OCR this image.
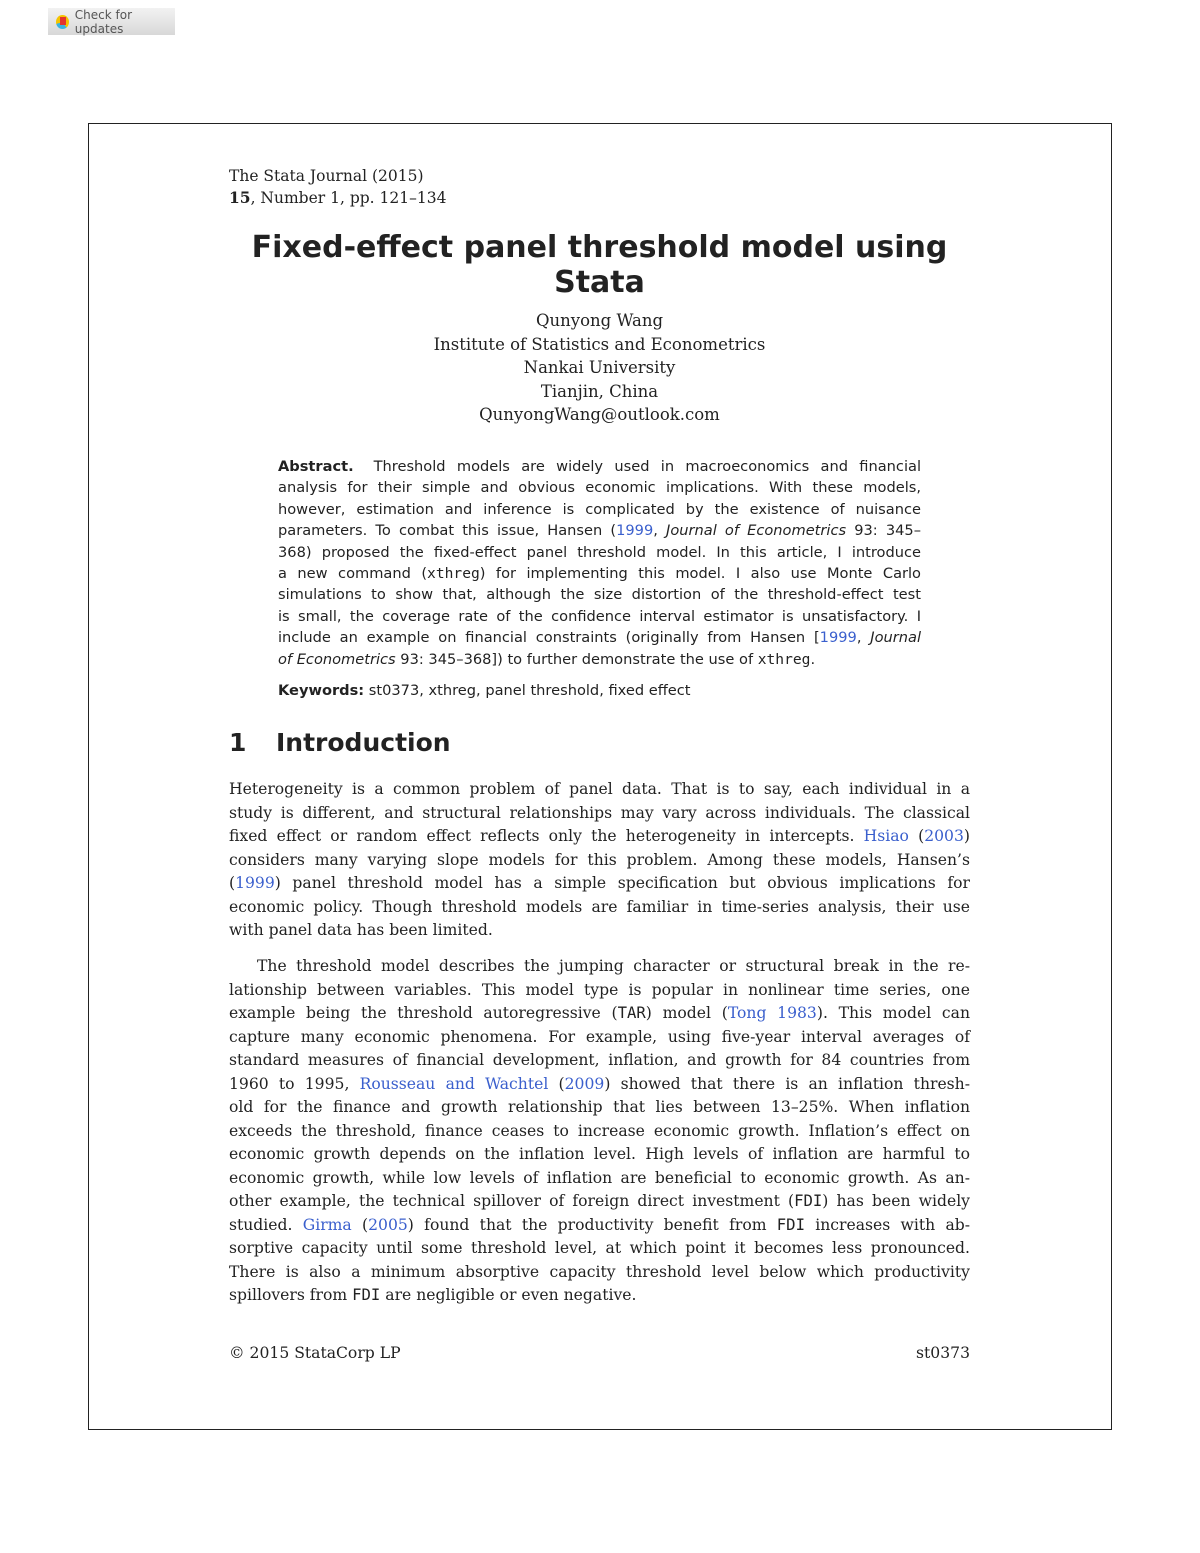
Check for updates
The Stata Journal (2015)
15, Number 1, pp. 121–134
Fixed-effect panel threshold model using Stata
Qunyong Wang
Institute of Statistics and Econometrics
Nankai University
Tianjin, China
QunyongWang@outlook.com
Abstract. Threshold models are widely used in macroeconomics and financial
analysis for their simple and obvious economic implications. With these models,
however, estimation and inference is complicated by the existence of nuisance
parameters. To combat this issue, Hansen (1999, Journal of Econometrics 93: 345–
368) proposed the fixed-effect panel threshold model. In this article, I introduce
a new command (xthreg) for implementing this model. I also use Monte Carlo
simulations to show that, although the size distortion of the threshold-effect test
is small, the coverage rate of the confidence interval estimator is unsatisfactory. I
include an example on financial constraints (originally from Hansen [1999, Journal
of Econometrics 93: 345–368]) to further demonstrate the use of xthreg.
Keywords: st0373, xthreg, panel threshold, fixed effect
1 Introduction
Heterogeneity is a common problem of panel data. That is to say, each individual in a
study is different, and structural relationships may vary across individuals. The classical
fixed effect or random effect reflects only the heterogeneity in intercepts. Hsiao (2003)
considers many varying slope models for this problem. Among these models, Hansen’s
(1999) panel threshold model has a simple specification but obvious implications for
economic policy. Though threshold models are familiar in time-series analysis, their use
with panel data has been limited.
The threshold model describes the jumping character or structural break in the re-
lationship between variables. This model type is popular in nonlinear time series, one
example being the threshold autoregressive (TAR) model (Tong 1983). This model can
capture many economic phenomena. For example, using five-year interval averages of
standard measures of financial development, inflation, and growth for 84 countries from
1960 to 1995, Rousseau and Wachtel (2009) showed that there is an inflation thresh-
old for the finance and growth relationship that lies between 13–25%. When inflation
exceeds the threshold, finance ceases to increase economic growth. Inflation’s effect on
economic growth depends on the inflation level. High levels of inflation are harmful to
economic growth, while low levels of inflation are beneficial to economic growth. As an-
other example, the technical spillover of foreign direct investment (FDI) has been widely
studied. Girma (2005) found that the productivity benefit from FDI increases with ab-
sorptive capacity until some threshold level, at which point it becomes less pronounced.
There is also a minimum absorptive capacity threshold level below which productivity
spillovers from FDI are negligible or even negative.
© 2015 StataCorp LP	st0373
